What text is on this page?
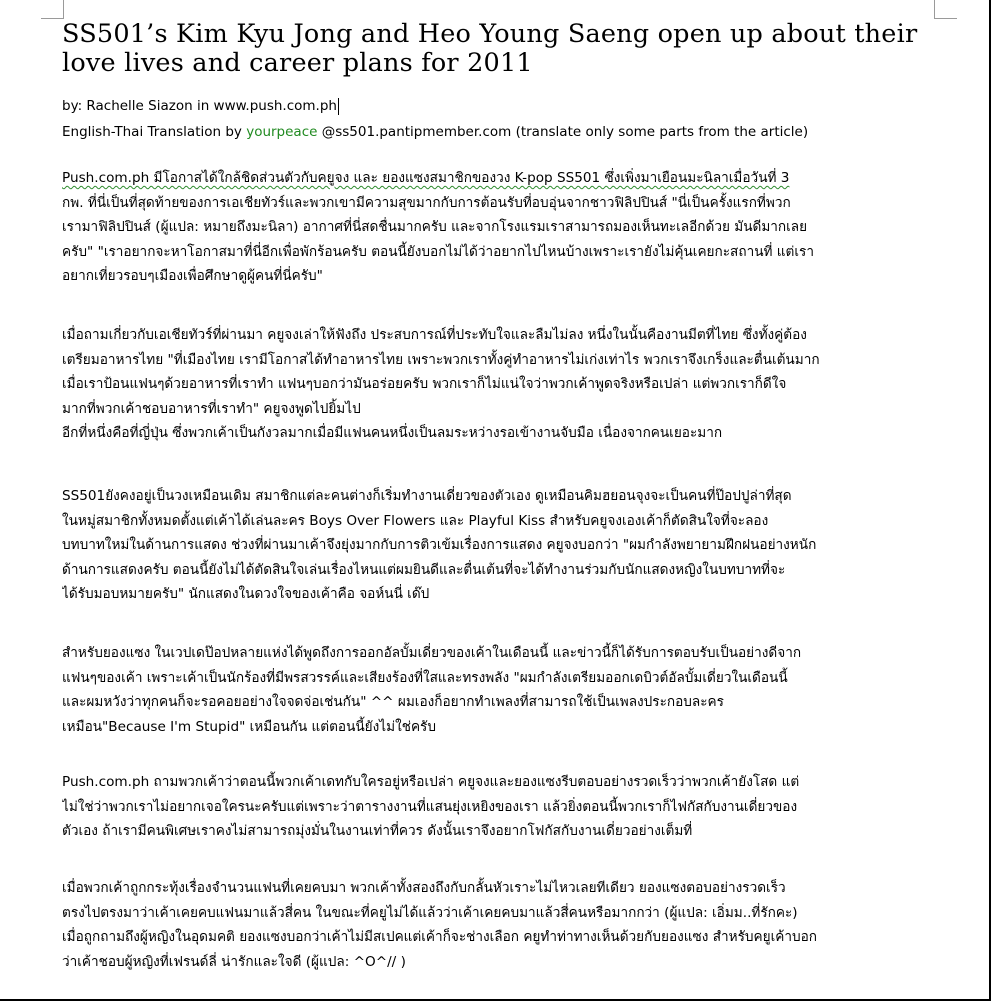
SS501’s Kim Kyu Jong and Heo Young Saeng open up about their love lives and career plans for 2011
by: Rachelle Siazon in www.push.com.ph
English-Thai Translation by yourpeace @ss501.pantipmember.com (translate only some parts from the article)

Push.com.ph มีโอกาสได้ใกล้ชิดส่วนตัวกับคยูจง และ ยองแซงสมาชิกของวง K-pop SS501 ซึ่งเพิ่งมาเยือนมะนิลาเมื่อวันที่ 3

กพ. ที่นี่เป็นที่สุดท้ายของการเอเชียทัวร์และพวกเขามีความสุขมากกับการต้อนรับที่อบอุ่นจากชาวฟิลิปปินส์ "นี่เป็นครั้งแรกที่พวก

เรามาฟิลิปปินส์ (ผู้แปล: หมายถึงมะนิลา) อากาศที่นี่สดชื่นมากครับ และจากโรงแรมเราสามารถมองเห็นทะเลอีกด้วย มันดีมากเลย

ครับ" "เราอยากจะหาโอกาสมาที่นี่อีกเพื่อพักร้อนครับ ตอนนี้ยังบอกไม่ได้ว่าอยากไปไหนบ้างเพราะเรายังไม่คุ้นเคยกะสถานที่ แต่เรา

อยากเที่ยวรอบๆเมืองเพื่อศึกษาดูผู้คนที่นี่ครับ"

เมื่อถามเกี่ยวกับเอเชียทัวร์ที่ผ่านมา คยูจงเล่าให้ฟังถึง ประสบการณ์ที่ประทับใจและลืมไม่ลง หนึ่งในนั้นคืองานมีตที่ไทย ซึ่งทั้งคู่ต้อง

เตรียมอาหารไทย "ที่เมืองไทย เรามีโอกาสได้ทำอาหารไทย เพราะพวกเราทั้งคู่ทำอาหารไม่เก่งเท่าไร พวกเราจึงเกร็งและตื่นเต้นมาก

เมื่อเราป้อนแฟนๆด้วยอาหารที่เราทำ แฟนๆบอกว่ามันอร่อยครับ พวกเราก็ไม่แน่ใจว่าพวกเค้าพูดจริงหรือเปล่า แต่พวกเราก็ดีใจ

มากที่พวกเค้าชอบอาหารที่เราทำ" คยูจงพูดไปยิ้มไป

อีกที่หนึ่งคือที่ญี่ปุ่น ซึ่งพวกเค้าเป็นกังวลมากเมื่อมีแฟนคนหนึ่งเป็นลมระหว่างรอเข้างานจับมือ เนื่องจากคนเยอะมาก

SS501ยังคงอยู่เป็นวงเหมือนเดิม สมาชิกแต่ละคนต่างก็เริ่มทำงานเดี่ยวของตัวเอง ดูเหมือนคิมฮยอนจุงจะเป็นคนที่ป๊อปปูล่าที่สุด

ในหมู่สมาชิกทั้งหมดตั้งแต่เค้าได้เล่นละคร Boys Over Flowers และ Playful Kiss สำหรับคยูจงเองเค้าก็ตัดสินใจที่จะลอง

บทบาทใหม่ในด้านการแสดง ช่วงที่ผ่านมาเค้าจึงยุ่งมากกับการติวเข้มเรื่องการแสดง คยูจงบอกว่า "ผมกำลังพยายามฝึกฝนอย่างหนัก

ด้านการแสดงครับ ตอนนี้ยังไม่ได้ตัดสินใจเล่นเรื่องไหนแต่ผมยินดีและตื่นเต้นที่จะได้ทำงานร่วมกับนักแสดงหญิงในบทบาทที่จะ

ได้รับมอบหมายครับ" นักแสดงในดวงใจของเค้าคือ จอห์นนี่ เด๊ป

สำหรับยองแซง ในเวปเดป๊อปหลายแห่งได้พูดถึงการออกอัลบั้มเดี่ยวของเค้าในเดือนนี้ และข่าวนี้ก็ได้รับการตอบรับเป็นอย่างดีจาก

แฟนๆของเค้า เพราะเค้าเป็นนักร้องที่มีพรสวรรค์และเสียงร้องที่ใสและทรงพลัง "ผมกำลังเตรียมออกเดบิวต์อัลบั้มเดี่ยวในเดือนนี้

และผมหวังว่าทุกคนก็จะรอคอยอย่างใจจดจ่อเช่นกัน" ^^ ผมเองก็อยากทำเพลงที่สามารถใช้เป็นเพลงประกอบละคร

เหมือน"Because I'm Stupid" เหมือนกัน แต่ตอนนี้ยังไม่ใช่ครับ

Push.com.ph ถามพวกเค้าว่าตอนนี้พวกเค้าเดทกับใครอยู่หรือเปล่า คยูจงและยองแซงรีบตอบอย่างรวดเร็วว่าพวกเค้ายังโสด แต่

ไม่ใช่ว่าพวกเราไม่อยากเจอใครนะครับแต่เพราะว่าตารางงานที่แสนยุ่งเหยิงของเรา แล้วยิ่งตอนนี้พวกเราก็ไฟกัสกับงานเดี่ยวของ

ตัวเอง ถ้าเรามีคนพิเศษเราคงไม่สามารถมุ่งมั่นในงานเท่าที่ควร ดังนั้นเราจึงอยากโฟกัสกับงานเดี่ยวอย่างเต็มที่

เมื่อพวกเค้าถูกกระทุ้งเรื่องจำนวนแฟนที่เคยคบมา พวกเค้าทั้งสองถึงกับกลั้นหัวเราะไม่ไหวเลยทีเดียว ยองแซงตอบอย่างรวดเร็ว

ตรงไปตรงมาว่าเค้าเคยคบแฟนมาแล้วสี่คน ในขณะที่คยูไม่ได้แล้วว่าเค้าเคยคบมาแล้วสี่คนหรือมากกว่า (ผู้แปล: เอิ่มม..ที่รักคะ)

เมื่อถูกถามถึงผู้หญิงในอุดมคติ ยองแซงบอกว่าเค้าไม่มีสเปคแต่เค้าก็จะช่างเลือก คยูทำท่าทางเห็นด้วยกับยองแซง สำหรับคยูเค้าบอก

ว่าเค้าชอบผู้หญิงที่เฟรนด์ลี่ น่ารักและใจดี (ผู้แปล: ^O^// )
